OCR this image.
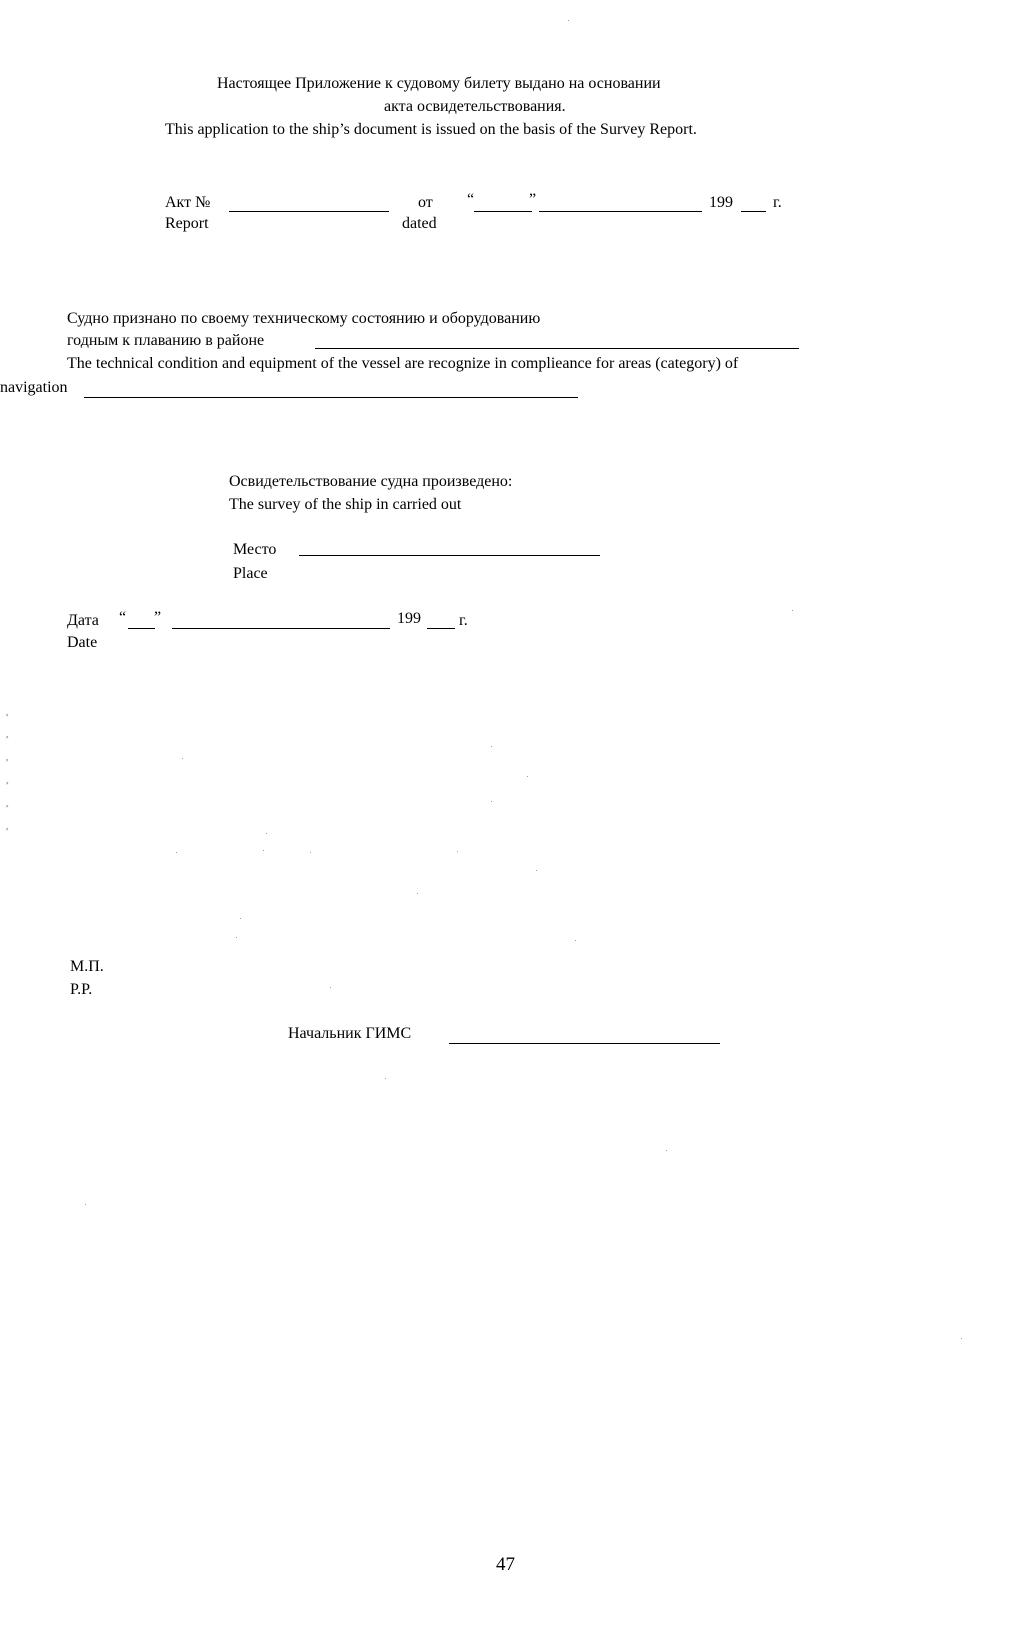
Настоящее Приложение к судовому билету выдано на основании
акта освидетельствования.
This application to the ship’s document is issued on the basis of the Survey Report.
Акт №
Report
от
dated
“	”	199	г.
Судно признано по своему техническому состоянию и оборудованию
годным к плаванию в районе
The technical condition and equipment of the vessel are recognize in complieance for areas (category) of
navigation
Освидетельствование судна произведено:
The survey of the ship in carried out
Место
Place
Дата “ ”	199 г.
Date
⸗
⸗
⸗
⸗
⸗
⸗
М.П.
P.P.
Начальник ГИМС
47
